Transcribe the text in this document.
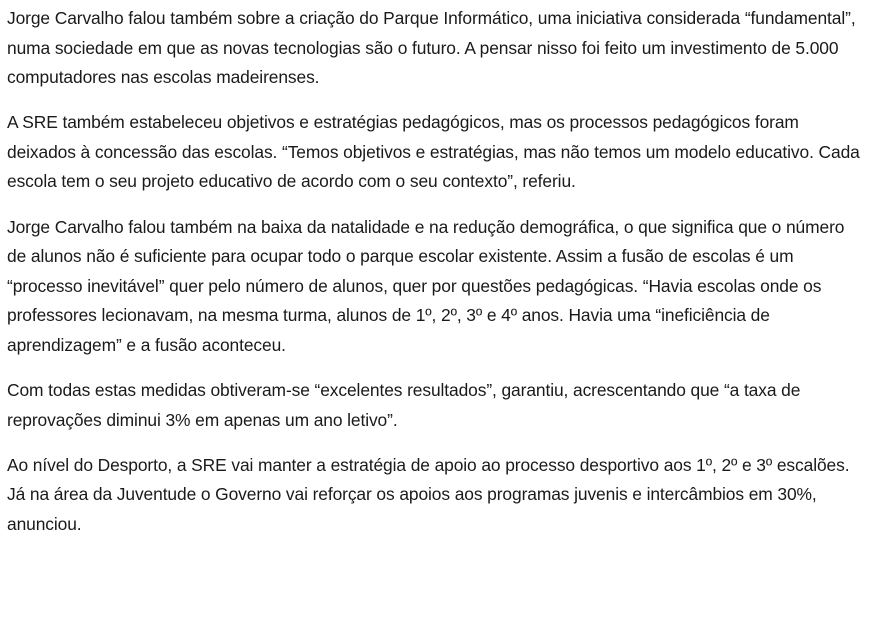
Jorge Carvalho falou também sobre a criação do Parque Informático, uma iniciativa considerada “fundamental”, numa sociedade em que as novas tecnologias são o futuro. A pensar nisso foi feito um investimento de 5.000 computadores nas escolas madeirenses.

A SRE também estabeleceu objetivos e estratégias pedagógicos, mas os processos pedagógicos foram deixados à concessão das escolas. “Temos objetivos e estratégias, mas não temos um modelo educativo. Cada escola tem o seu projeto educativo de acordo com o seu contexto”, referiu.

Jorge Carvalho falou também na baixa da natalidade e na redução demográfica, o que significa que o número de alunos não é suficiente para ocupar todo o parque escolar existente. Assim a fusão de escolas é um “processo inevitável” quer pelo número de alunos, quer por questões pedagógicas. “Havia escolas onde os professores lecionavam, na mesma turma, alunos de 1º, 2º, 3º e 4º anos. Havia uma “ineficiência de aprendizagem” e a fusão aconteceu.

Com todas estas medidas obtiveram-se “excelentes resultados”, garantiu, acrescentando que “a taxa de reprovações diminui 3% em apenas um ano letivo”.

Ao nível do Desporto, a SRE vai manter a estratégia de apoio ao processo desportivo aos 1º, 2º e 3º escalões. Já na área da Juventude o Governo vai reforçar os apoios aos programas juvenis e intercâmbios em 30%, anunciou.
